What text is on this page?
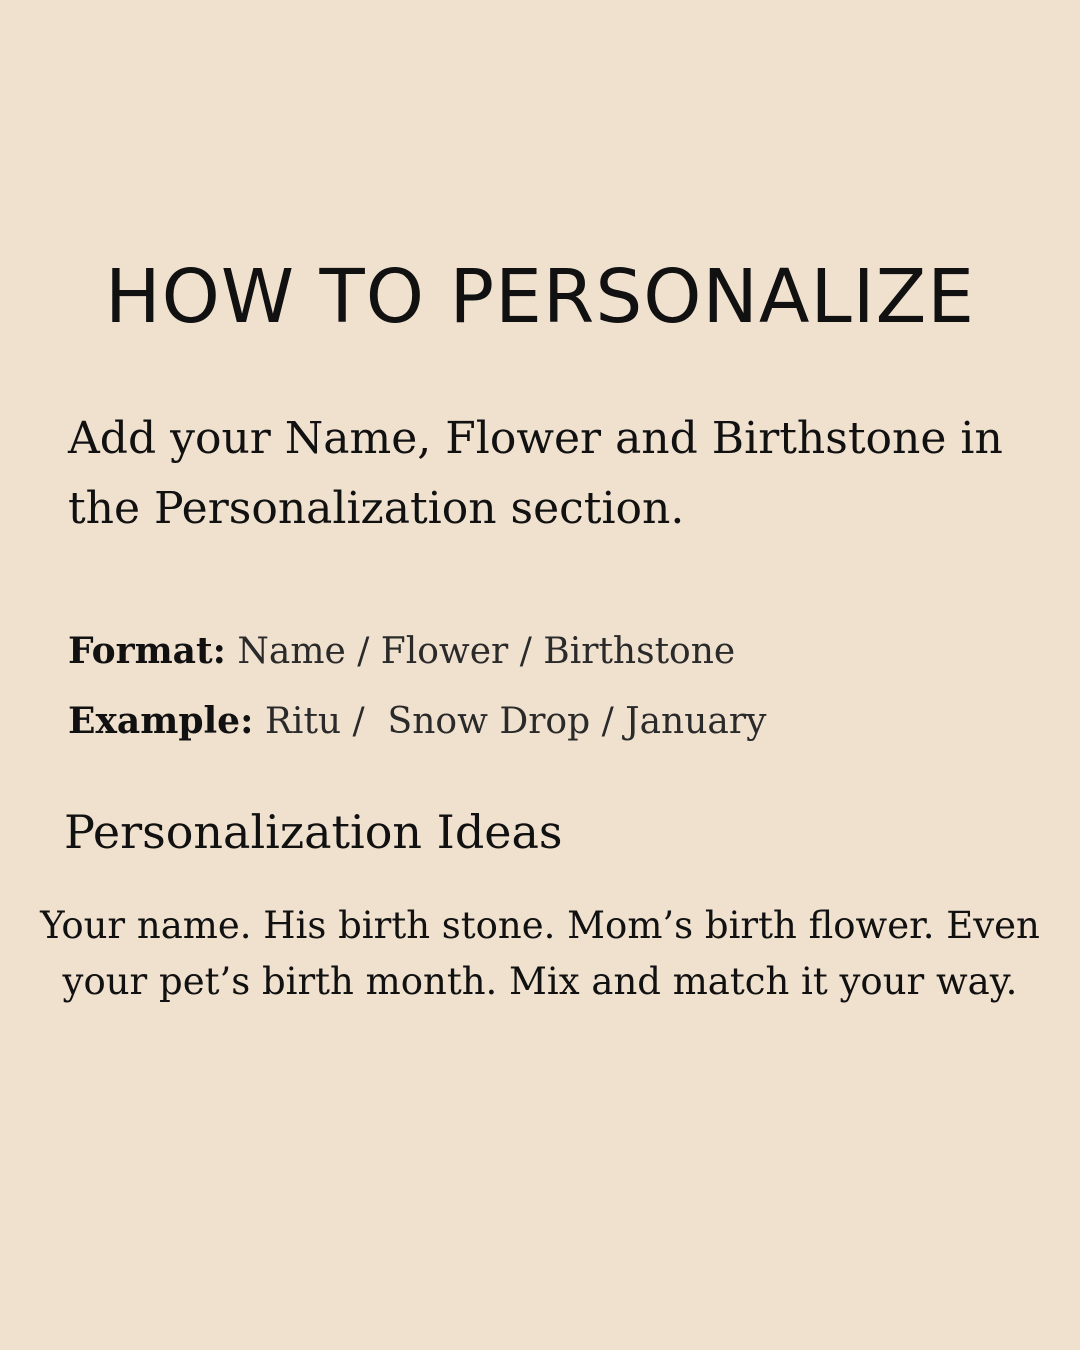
HOW TO PERSONALIZE

Add your Name, Flower and Birthstone in the Personalization section.

Format: Name / Flower / Birthstone

Example: Ritu /  Snow Drop / January

Personalization Ideas

Your name. His birth stone. Mom’s birth flower. Even your pet’s birth month. Mix and match it your way.
